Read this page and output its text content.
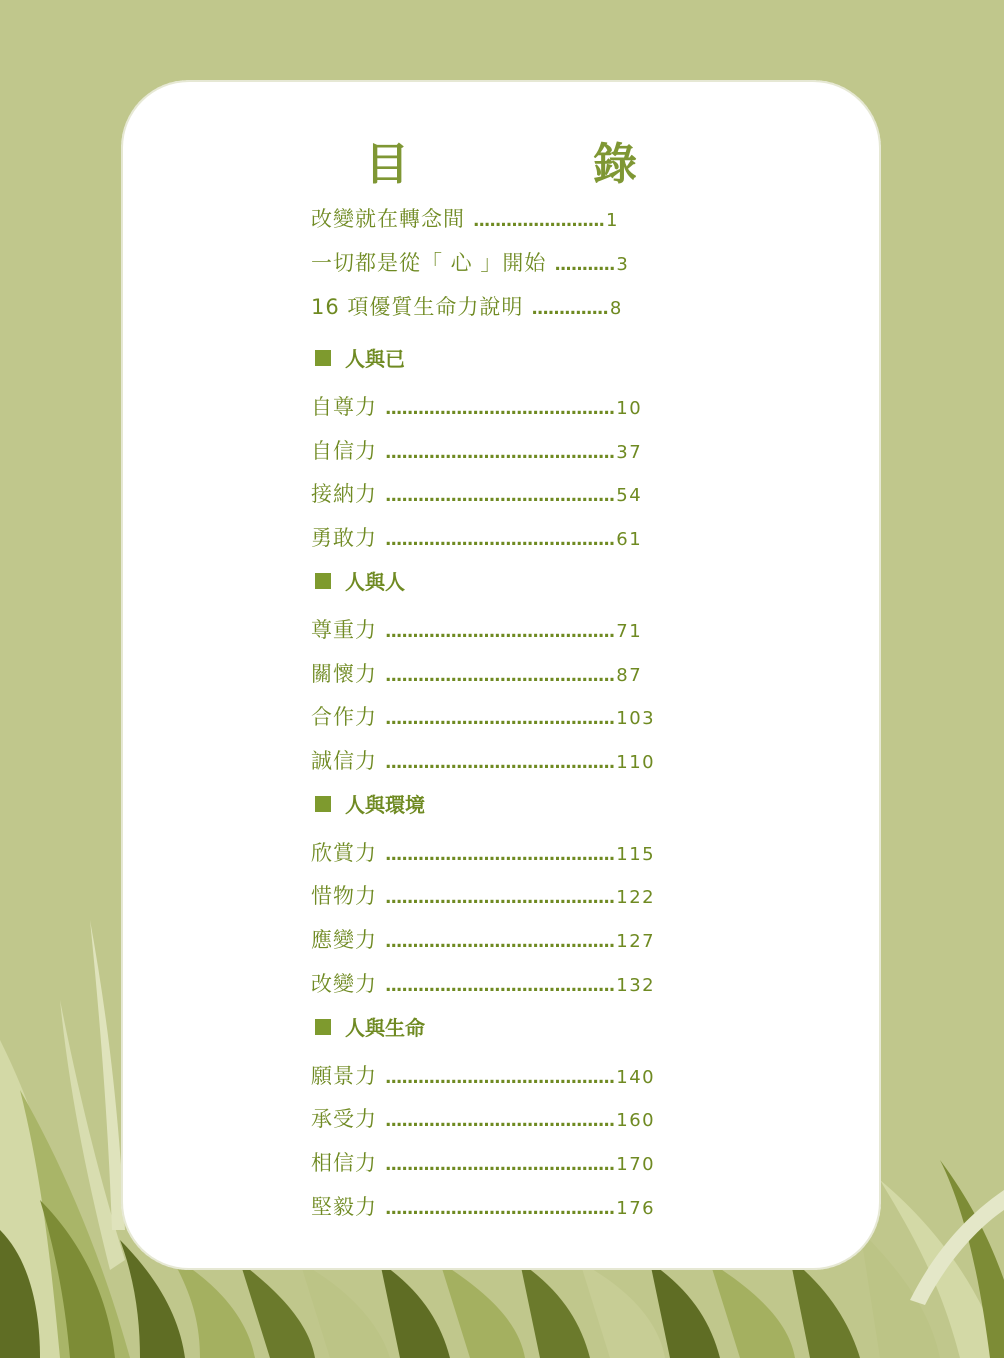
目　錄
改變就在轉念間 ........................ 1
一切都是從「 心 」開始 ........... 3
16 項優質生命力說明 .............. 8
人與已
自尊力 .......................................... 10
自信力 .......................................... 37
接納力 .......................................... 54
勇敢力 .......................................... 61
人與人
尊重力 .......................................... 71
關懷力 .......................................... 87
合作力 .......................................... 103
誠信力 .......................................... 110
人與環境
欣賞力 .......................................... 115
惜物力 .......................................... 122
應變力 .......................................... 127
改變力 .......................................... 132
人與生命
願景力 .......................................... 140
承受力 .......................................... 160
相信力 .......................................... 170
堅毅力 .......................................... 176
